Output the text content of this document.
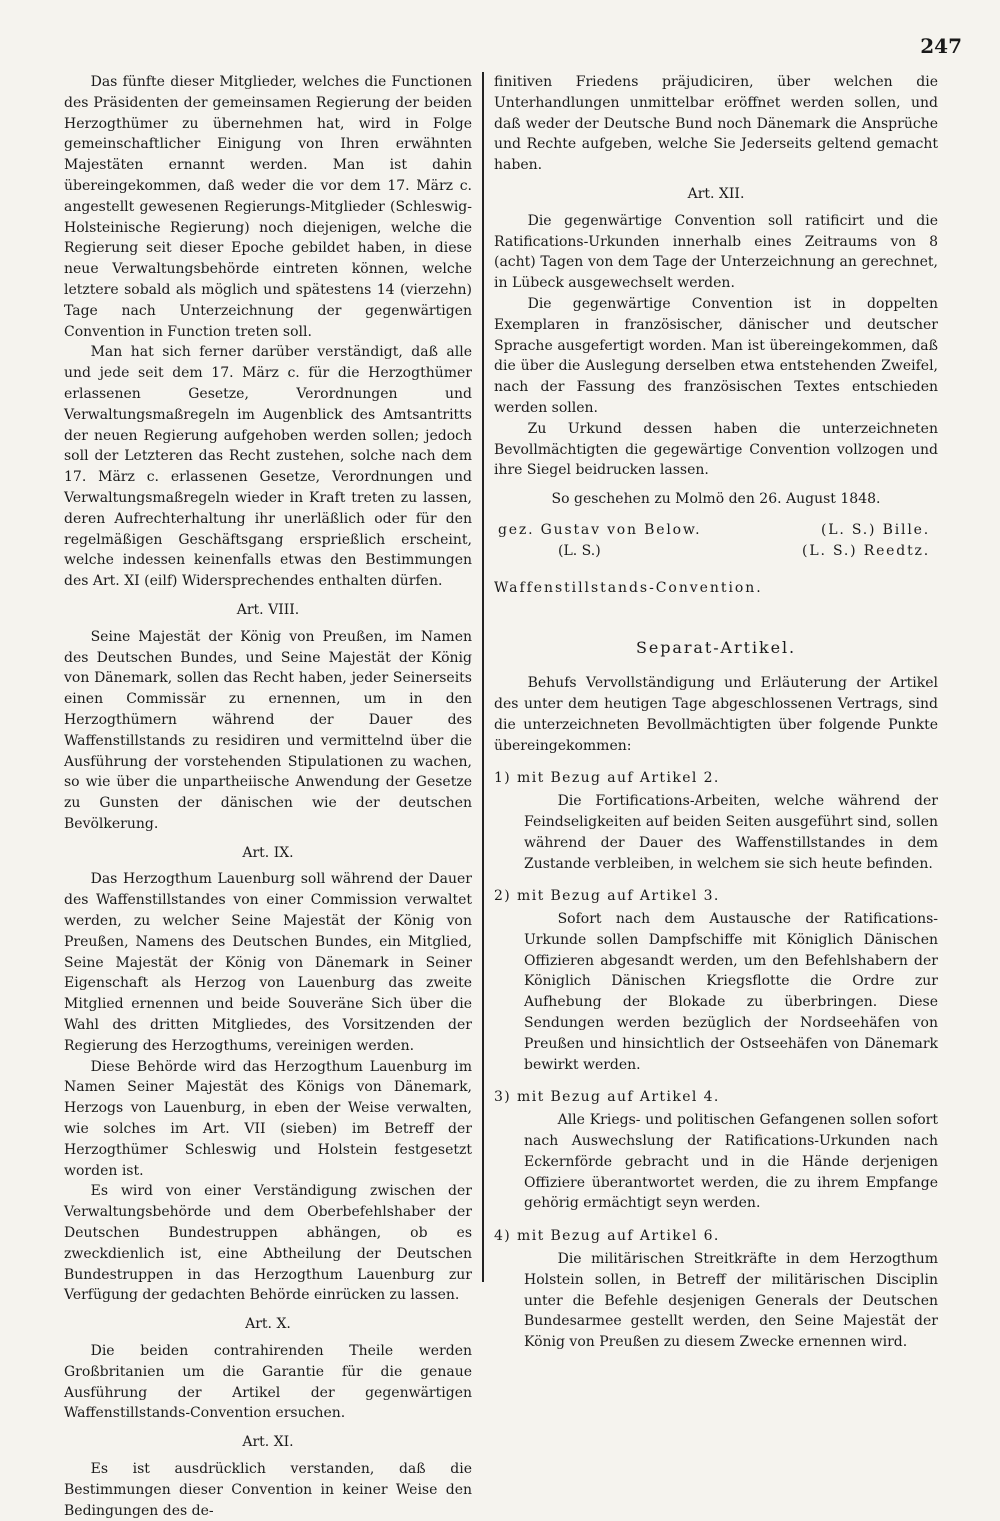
247

Das fünfte dieser Mitglieder, welches die Functionen des Präsidenten der gemeinsamen Regierung der beiden Herzogthümer zu übernehmen hat, wird in Folge gemeinschaftlicher Einigung von Ihren erwähnten Majestäten ernannt werden. Man ist dahin übereingekommen, daß weder die vor dem 17. März c. angestellt gewesenen Regierungs-Mitglieder (Schleswig-Holsteinische Regierung) noch diejenigen, welche die Regierung seit dieser Epoche gebildet haben, in diese neue Verwaltungsbehörde eintreten können, welche letztere sobald als möglich und spätestens 14 (vierzehn) Tage nach Unterzeichnung der gegenwärtigen Convention in Function treten soll.

Man hat sich ferner darüber verständigt, daß alle und jede seit dem 17. März c. für die Herzogthümer erlassenen Gesetze, Verordnungen und Verwaltungsmaßregeln im Augenblick des Amtsantritts der neuen Regierung aufgehoben werden sollen; jedoch soll der Letzteren das Recht zustehen, solche nach dem 17. März c. erlassenen Gesetze, Verordnungen und Verwaltungsmaßregeln wieder in Kraft treten zu lassen, deren Aufrechterhaltung ihr unerläßlich oder für den regelmäßigen Geschäftsgang ersprießlich erscheint, welche indessen keinenfalls etwas den Bestimmungen des Art. XI (eilf) Widersprechendes enthalten dürfen.

Art. VIII.

Seine Majestät der König von Preußen, im Namen des Deutschen Bundes, und Seine Majestät der König von Dänemark, sollen das Recht haben, jeder Seinerseits einen Commissär zu ernennen, um in den Herzogthümern während der Dauer des Waffenstillstands zu residiren und vermittelnd über die Ausführung der vorstehenden Stipulationen zu wachen, so wie über die unpartheiische Anwendung der Gesetze zu Gunsten der dänischen wie der deutschen Bevölkerung.

Art. IX.

Das Herzogthum Lauenburg soll während der Dauer des Waffenstillstandes von einer Commission verwaltet werden, zu welcher Seine Majestät der König von Preußen, Namens des Deutschen Bundes, ein Mitglied, Seine Majestät der König von Dänemark in Seiner Eigenschaft als Herzog von Lauenburg das zweite Mitglied ernennen und beide Souveräne Sich über die Wahl des dritten Mitgliedes, des Vorsitzenden der Regierung des Herzogthums, vereinigen werden.

Diese Behörde wird das Herzogthum Lauenburg im Namen Seiner Majestät des Königs von Dänemark, Herzogs von Lauenburg, in eben der Weise verwalten, wie solches im Art. VII (sieben) im Betreff der Herzogthümer Schleswig und Holstein festgesetzt worden ist.

Es wird von einer Verständigung zwischen der Verwaltungsbehörde und dem Oberbefehlshaber der Deutschen Bundestruppen abhängen, ob es zweckdienlich ist, eine Abtheilung der Deutschen Bundestruppen in das Herzogthum Lauenburg zur Verfügung der gedachten Behörde einrücken zu lassen.

Art. X.

Die beiden contrahirenden Theile werden Großbritanien um die Garantie für die genaue Ausführung der Artikel der gegenwärtigen Waffenstillstands-Convention ersuchen.

Art. XI.

Es ist ausdrücklich verstanden, daß die Bestimmungen dieser Convention in keiner Weise den Bedingungen des de-

finitiven Friedens präjudiciren, über welchen die Unterhandlungen unmittelbar eröffnet werden sollen, und daß weder der Deutsche Bund noch Dänemark die Ansprüche und Rechte aufgeben, welche Sie Jederseits geltend gemacht haben.

Art. XII.

Die gegenwärtige Convention soll ratificirt und die Ratifications-Urkunden innerhalb eines Zeitraums von 8 (acht) Tagen von dem Tage der Unterzeichnung an gerechnet, in Lübeck ausgewechselt werden.

Die gegenwärtige Convention ist in doppelten Exemplaren in französischer, dänischer und deutscher Sprache ausgefertigt worden. Man ist übereingekommen, daß die über die Auslegung derselben etwa entstehenden Zweifel, nach der Fassung des französischen Textes entschieden werden sollen.

Zu Urkund dessen haben die unterzeichneten Bevollmächtigten die gegewärtige Convention vollzogen und ihre Siegel beidrucken lassen.

So geschehen zu Molmö den 26. August 1848.
gez. Gustav von Below.	(L. S.) Bille.
(L. S.)	(L. S.) Reedtz.
Waffenstillstands-Convention.
Separat-Artikel.

Behufs Vervollständigung und Erläuterung der Artikel des unter dem heutigen Tage abgeschlossenen Vertrags, sind die unterzeichneten Bevollmächtigten über folgende Punkte übereingekommen:

1) mit Bezug auf Artikel 2.

Die Fortifications-Arbeiten, welche während der Feindseligkeiten auf beiden Seiten ausgeführt sind, sollen während der Dauer des Waffenstillstandes in dem Zustande verbleiben, in welchem sie sich heute befinden.

2) mit Bezug auf Artikel 3.

Sofort nach dem Austausche der Ratifications-Urkunde sollen Dampfschiffe mit Königlich Dänischen Offizieren abgesandt werden, um den Befehlshabern der Königlich Dänischen Kriegsflotte die Ordre zur Aufhebung der Blokade zu überbringen. Diese Sendungen werden bezüglich der Nordseehäfen von Preußen und hinsichtlich der Ostseehäfen von Dänemark bewirkt werden.

3) mit Bezug auf Artikel 4.

Alle Kriegs- und politischen Gefangenen sollen sofort nach Auswechslung der Ratifications-Urkunden nach Eckernförde gebracht und in die Hände derjenigen Offiziere überantwortet werden, die zu ihrem Empfange gehörig ermächtigt seyn werden.

4) mit Bezug auf Artikel 6.

Die militärischen Streitkräfte in dem Herzogthum Holstein sollen, in Betreff der militärischen Disciplin unter die Befehle desjenigen Generals der Deutschen Bundesarmee gestellt werden, den Seine Majestät der König von Preußen zu diesem Zwecke ernennen wird.
